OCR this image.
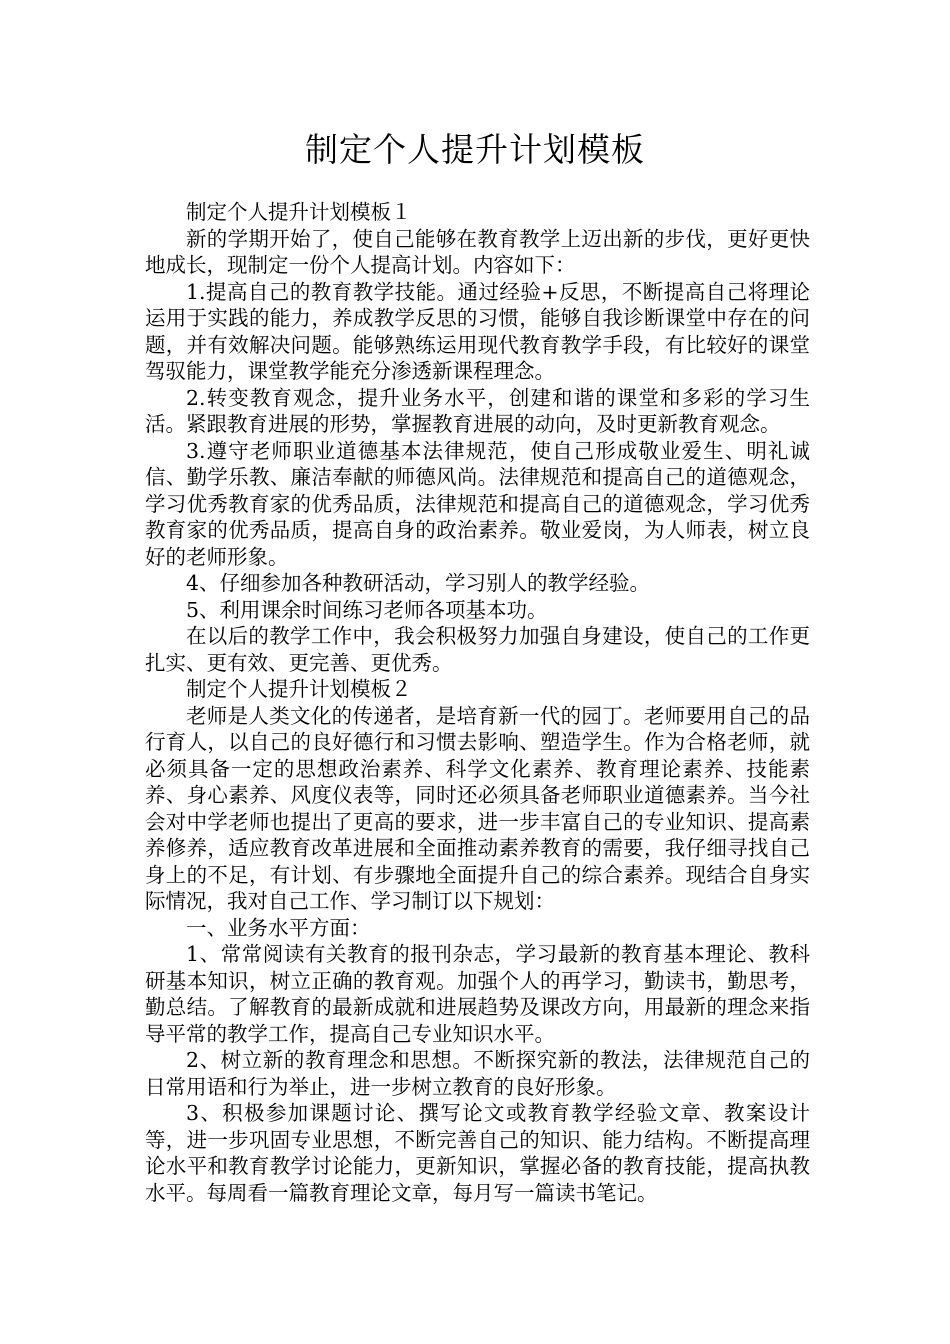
制定个人提升计划模板

制定个人提升计划模板１

新的学期开始了，使自己能够在教育教学上迈出新的步伐，更好更快地成长，现制定一份个人提高计划。内容如下：

1.提高自己的教育教学技能。通过经验+反思，不断提高自己将理论运用于实践的能力，养成教学反思的习惯，能够自我诊断课堂中存在的问题，并有效解决问题。能够熟练运用现代教育教学手段，有比较好的课堂驾驭能力，课堂教学能充分渗透新课程理念。

2.转变教育观念，提升业务水平，创建和谐的课堂和多彩的学习生活。紧跟教育进展的形势，掌握教育进展的动向，及时更新教育观念。

3.遵守老师职业道德基本法律规范，使自己形成敬业爱生、明礼诚信、勤学乐教、廉洁奉献的师德风尚。法律规范和提高自己的道德观念，学习优秀教育家的优秀品质，法律规范和提高自己的道德观念，学习优秀教育家的优秀品质，提高自身的政治素养。敬业爱岗，为人师表，树立良好的老师形象。

4、仔细参加各种教研活动，学习别人的教学经验。

5、利用课余时间练习老师各项基本功。

在以后的教学工作中，我会积极努力加强自身建设，使自己的工作更扎实、更有效、更完善、更优秀。

制定个人提升计划模板２

老师是人类文化的传递者，是培育新一代的园丁。老师要用自己的品行育人，以自己的良好德行和习惯去影响、塑造学生。作为合格老师，就必须具备一定的思想政治素养、科学文化素养、教育理论素养、技能素养、身心素养、风度仪表等，同时还必须具备老师职业道德素养。当今社会对中学老师也提出了更高的要求，进一步丰富自己的专业知识、提高素养修养，适应教育改革进展和全面推动素养教育的需要，我仔细寻找自己身上的不足，有计划、有步骤地全面提升自己的综合素养。现结合自身实际情况，我对自己工作、学习制订以下规划：

一、业务水平方面：

1、常常阅读有关教育的报刊杂志，学习最新的教育基本理论、教科研基本知识，树立正确的教育观。加强个人的再学习，勤读书，勤思考，勤总结。了解教育的最新成就和进展趋势及课改方向，用最新的理念来指导平常的教学工作，提高自己专业知识水平。

2、树立新的教育理念和思想。不断探究新的教法，法律规范自己的日常用语和行为举止，进一步树立教育的良好形象。

3、积极参加课题讨论、撰写论文或教育教学经验文章、教案设计等，进一步巩固专业思想，不断完善自己的知识、能力结构。不断提高理论水平和教育教学讨论能力，更新知识，掌握必备的教育技能，提高执教水平。每周看一篇教育理论文章，每月写一篇读书笔记。
